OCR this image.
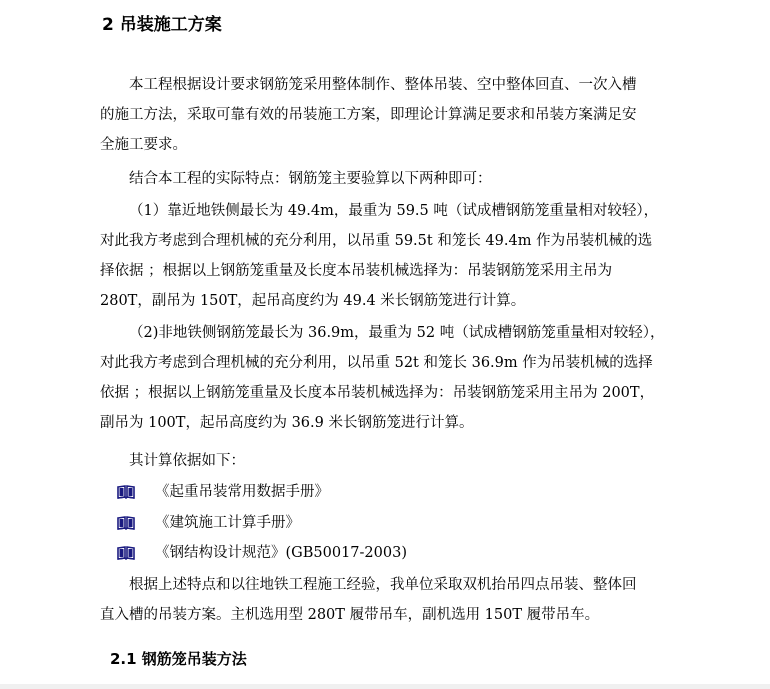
2 吊装施工方案
本工程根据设计要求钢筋笼采用整体制作、整体吊装、空中整体回直、一次入槽
的施工方法，采取可靠有效的吊装施工方案，即理论计算满足要求和吊装方案满足安
全施工要求。
结合本工程的实际特点：钢筋笼主要验算以下两种即可：
（1）靠近地铁侧最长为 49.4m，最重为 59.5 吨（试成槽钢筋笼重量相对较轻），
对此我方考虑到合理机械的充分利用，以吊重 59.5t 和笼长 49.4m 作为吊装机械的选
择依据 ；根据以上钢筋笼重量及长度本吊装机械选择为：吊装钢筋笼采用主吊为
280T，副吊为 150T，起吊高度约为 49.4 米长钢筋笼进行计算。
（2)非地铁侧钢筋笼最长为 36.9m，最重为 52 吨（试成槽钢筋笼重量相对较轻），
对此我方考虑到合理机械的充分利用，以吊重 52t 和笼长 36.9m 作为吊装机械的选择
依据 ；根据以上钢筋笼重量及长度本吊装机械选择为：吊装钢筋笼采用主吊为 200T，
副吊为 100T，起吊高度约为 36.9 米长钢筋笼进行计算。
其计算依据如下：
《起重吊装常用数据手册》
《建筑施工计算手册》
《钢结构设计规范》(GB50017-2003)
根据上述特点和以往地铁工程施工经验，我单位采取双机抬吊四点吊装、整体回
直入槽的吊装方案。主机选用型 280T 履带吊车，副机选用 150T 履带吊车。
2.1 钢筋笼吊装方法
